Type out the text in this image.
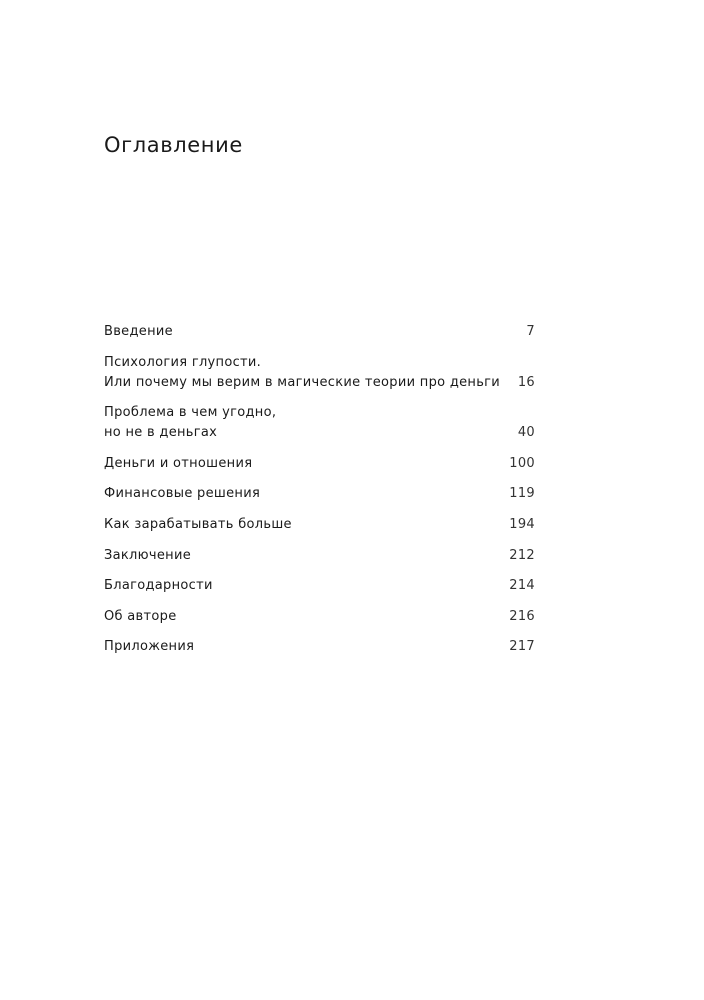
Оглавление
Введение	7
Психология глупости.
Или почему мы верим в магические теории про деньги 16
Проблема в чем угодно,
но не в деньгах	40
Деньги и отношения	100
Финансовые решения	119
Как зарабатывать больше	194
Заключение	212
Благодарности	214
Об авторе	216
Приложения	217
